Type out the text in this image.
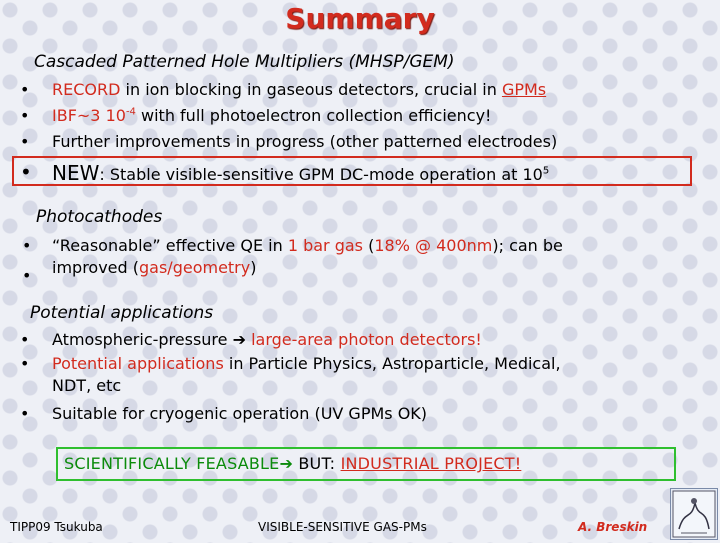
Summary
Cascaded Patterned Hole Multipliers (MHSP/GEM)
• RECORD in ion blocking in gaseous detectors, crucial in GPMs
• IBF~3 $10^{-4}$ with full photoelectron collection efficiency!
• Further improvements in progress (other patterned electrodes)
• NEW: Stable visible-sensitive GPM DC-mode operation at $10^5$
Photocathodes
• “Reasonable” effective QE in 1 bar gas (18% @ 400nm); can be
• improved (gas/geometry)
Potential applications
• Atmospheric-pressure ➔ large-area photon detectors!
• Potential applications in Particle Physics, Astroparticle, Medical,
NDT, etc
• Suitable for cryogenic operation (UV GPMs OK)
SCIENTIFICALLY FEASABLE➔ BUT: INDUSTRIAL PROJECT!
TIPP09 Tsukuba	VISIBLE-SENSITIVE GAS-PMs	A. Breskin
